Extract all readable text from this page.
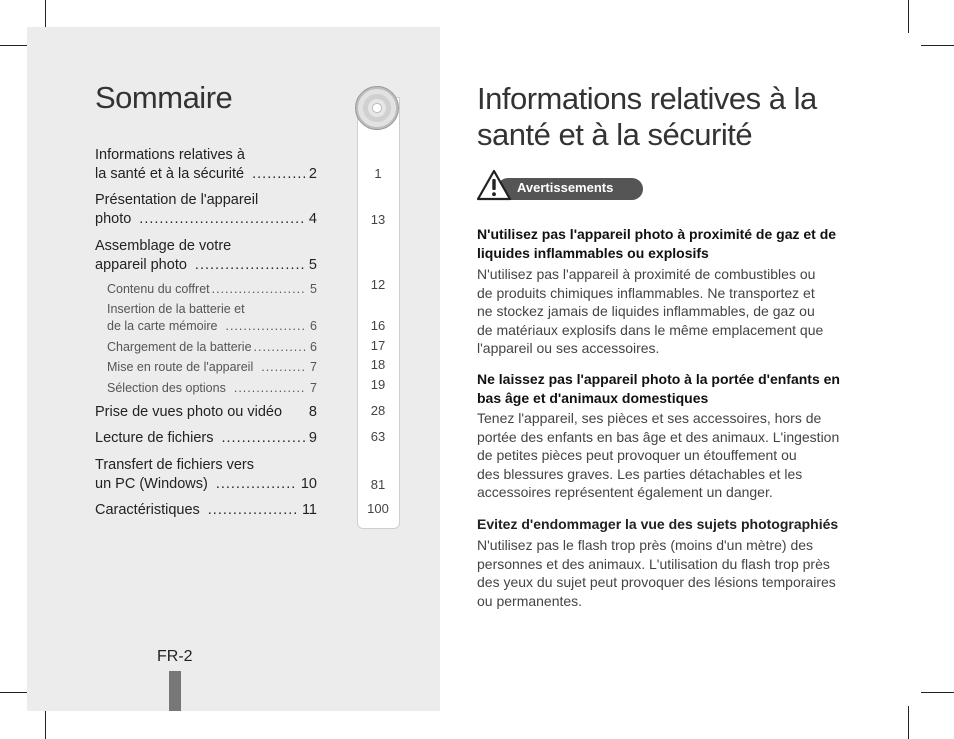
Sommaire
Informations relatives à
la santé et à la sécurité .....	2
Présentation de l'appareil
photo .....	4
Assemblage de votre
appareil photo .....	5
Contenu du coffret .....	5
Insertion de la batterie et
de la carte mémoire .....	6
Chargement de la batterie .....	6
Mise en route de l'appareil .....	7
Sélection des options .....	7
Prise de vues photo ou vidéo 8
Lecture de fichiers .....	9
Transfert de fichiers vers
un PC (Windows) .....	10
Caractéristiques .....	11
1
13
12
16
17
18
19
28
63
81
100
FR-2
Informations relatives à la
santé et à la sécurité
Avertissements
N'utilisez pas l'appareil photo à proximité de gaz et de
liquides inflammables ou explosifs
N'utilisez pas l'appareil à proximité de combustibles ou
de produits chimiques inflammables. Ne transportez et
ne stockez jamais de liquides inflammables, de gaz ou
de matériaux explosifs dans le même emplacement que
l'appareil ou ses accessoires.
Ne laissez pas l'appareil photo à la portée d'enfants en
bas âge et d'animaux domestiques
Tenez l'appareil, ses pièces et ses accessoires, hors de
portée des enfants en bas âge et des animaux. L'ingestion
de petites pièces peut provoquer un étouffement ou
des blessures graves. Les parties détachables et les
accessoires représentent également un danger.
Evitez d'endommager la vue des sujets photographiés
N'utilisez pas le flash trop près (moins d'un mètre) des
personnes et des animaux. L'utilisation du flash trop près
des yeux du sujet peut provoquer des lésions temporaires
ou permanentes.
